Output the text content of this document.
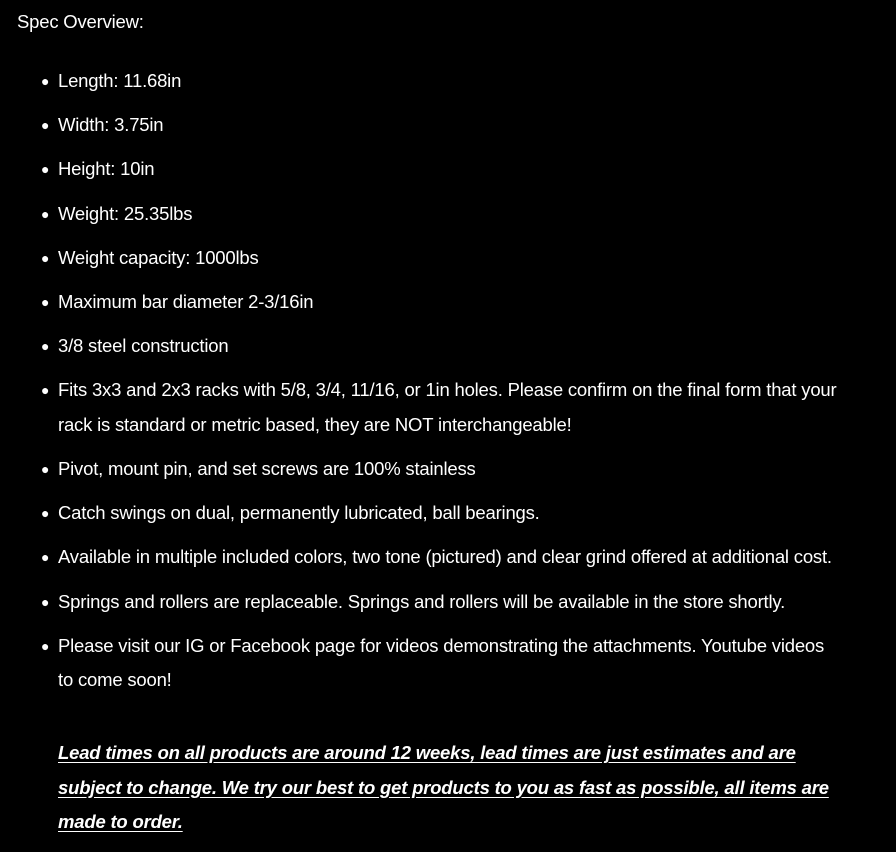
Spec Overview:

● Length: 11.68in
● Width: 3.75in
● Height: 10in
● Weight: 25.35lbs
● Weight capacity: 1000lbs
● Maximum bar diameter 2-3/16in
● 3/8 steel construction
● Fits 3x3 and 2x3 racks with 5/8, 3/4, 11/16, or 1in holes. Please confirm on the final form that your rack is standard or metric based, they are NOT interchangeable!
● Pivot, mount pin, and set screws are 100% stainless
● Catch swings on dual, permanently lubricated, ball bearings.
● Available in multiple included colors, two tone (pictured) and clear grind offered at additional cost.
● Springs and rollers are replaceable. Springs and rollers will be available in the store shortly.
● Please visit our IG or Facebook page for videos demonstrating the attachments. Youtube videos to come soon!

Lead times on all products are around 12 weeks, lead times are just estimates and are subject to change. We try our best to get products to you as fast as possible, all items are made to order.
